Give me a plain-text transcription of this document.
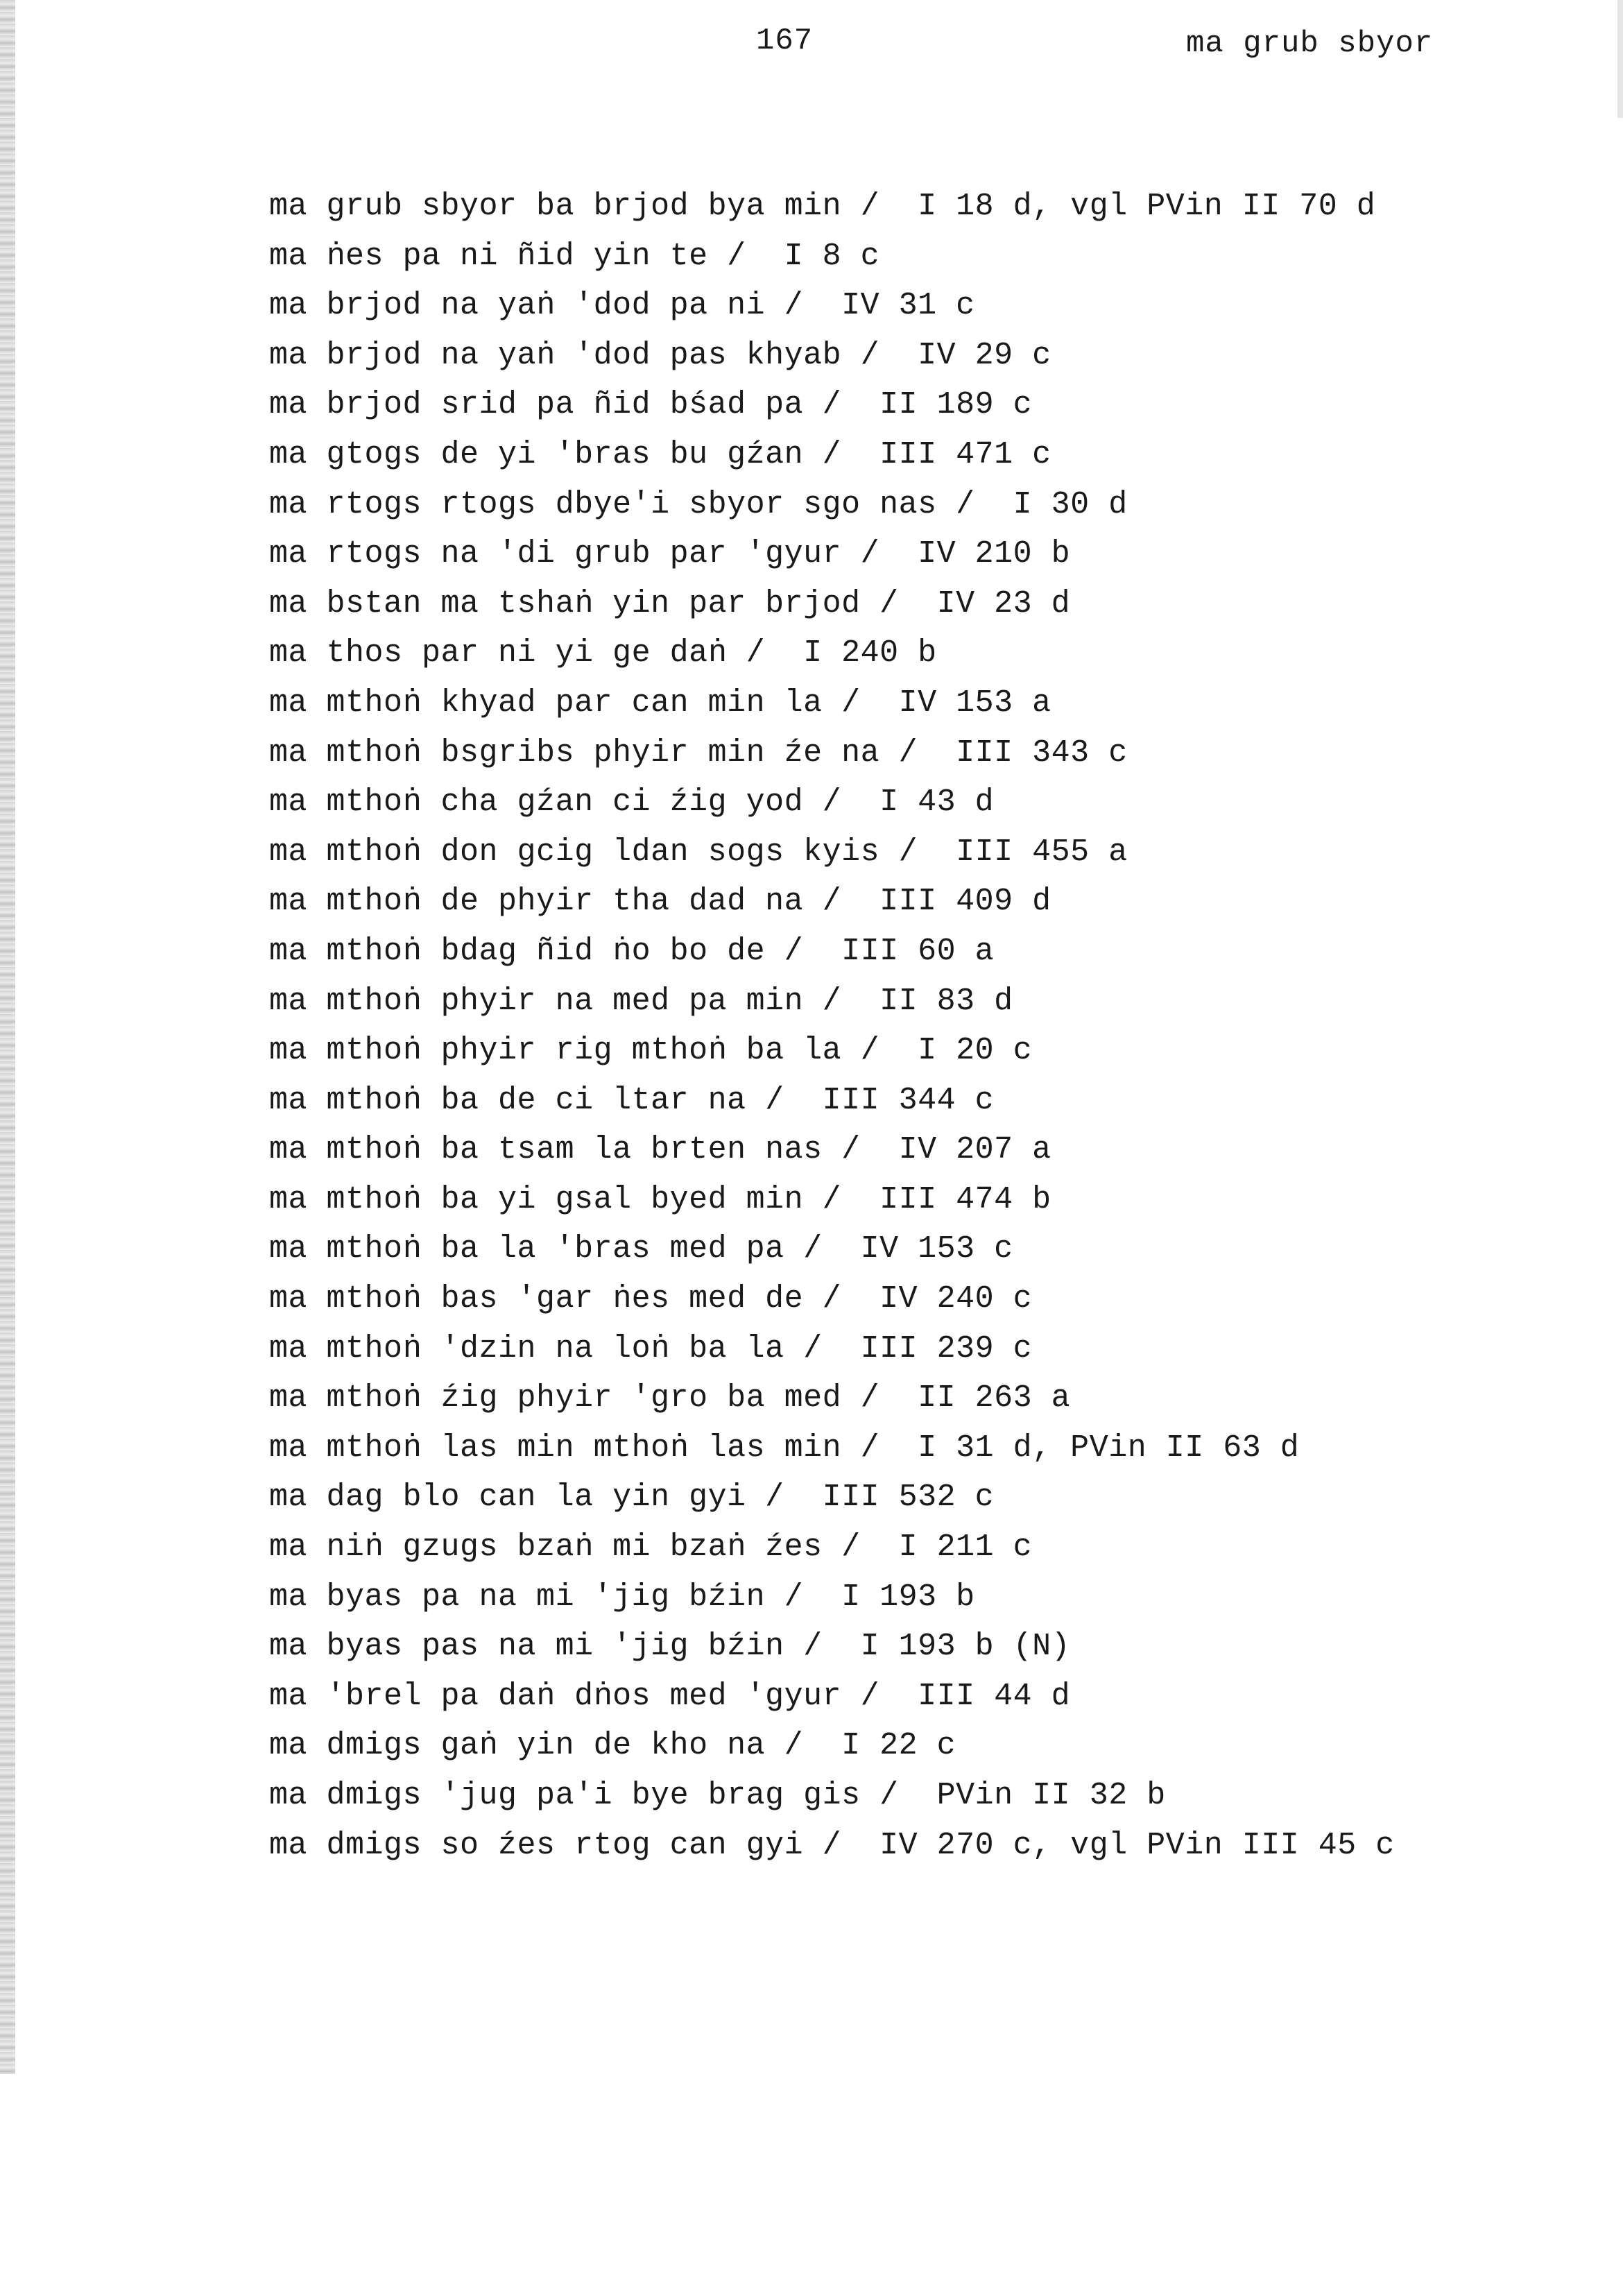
167	ma grub sbyor
ma grub sbyor ba brjod bya min /  I 18 d, vgl PVin II 70 d
ma ṅes pa ni ñid yin te /  I 8 c
ma brjod na yaṅ 'dod pa ni /  IV 31 c
ma brjod na yaṅ 'dod pas khyab /  IV 29 c
ma brjod srid pa ñid bśad pa /  II 189 c
ma gtogs de yi 'bras bu gźan /  III 471 c
ma rtogs rtogs dbye'i sbyor sgo nas /  I 30 d
ma rtogs na 'di grub par 'gyur /  IV 210 b
ma bstan ma tshaṅ yin par brjod /  IV 23 d
ma thos par ni yi ge daṅ /  I 240 b
ma mthoṅ khyad par can min la /  IV 153 a
ma mthoṅ bsgribs phyir min źe na /  III 343 c
ma mthoṅ cha gźan ci źig yod /  I 43 d
ma mthoṅ don gcig ldan sogs kyis /  III 455 a
ma mthoṅ de phyir tha dad na /  III 409 d
ma mthoṅ bdag ñid ṅo bo de /  III 60 a
ma mthoṅ phyir na med pa min /  II 83 d
ma mthoṅ phyir rig mthoṅ ba la /  I 20 c
ma mthoṅ ba de ci ltar na /  III 344 c
ma mthoṅ ba tsam la brten nas /  IV 207 a
ma mthoṅ ba yi gsal byed min /  III 474 b
ma mthoṅ ba la 'bras med pa /  IV 153 c
ma mthoṅ bas 'gar ṅes med de /  IV 240 c
ma mthoṅ 'dzin na loṅ ba la /  III 239 c
ma mthoṅ źig phyir 'gro ba med /  II 263 a
ma mthoṅ las min mthoṅ las min /  I 31 d, PVin II 63 d
ma dag blo can la yin gyi /  III 532 c
ma niṅ gzugs bzaṅ mi bzaṅ źes /  I 211 c
ma byas pa na mi 'jig bźin /  I 193 b
ma byas pas na mi 'jig bźin /  I 193 b (N)
ma 'brel pa daṅ dṅos med 'gyur /  III 44 d
ma dmigs gaṅ yin de kho na /  I 22 c
ma dmigs 'jug pa'i bye brag gis /  PVin II 32 b
ma dmigs so źes rtog can gyi /  IV 270 c, vgl PVin III 45 c
